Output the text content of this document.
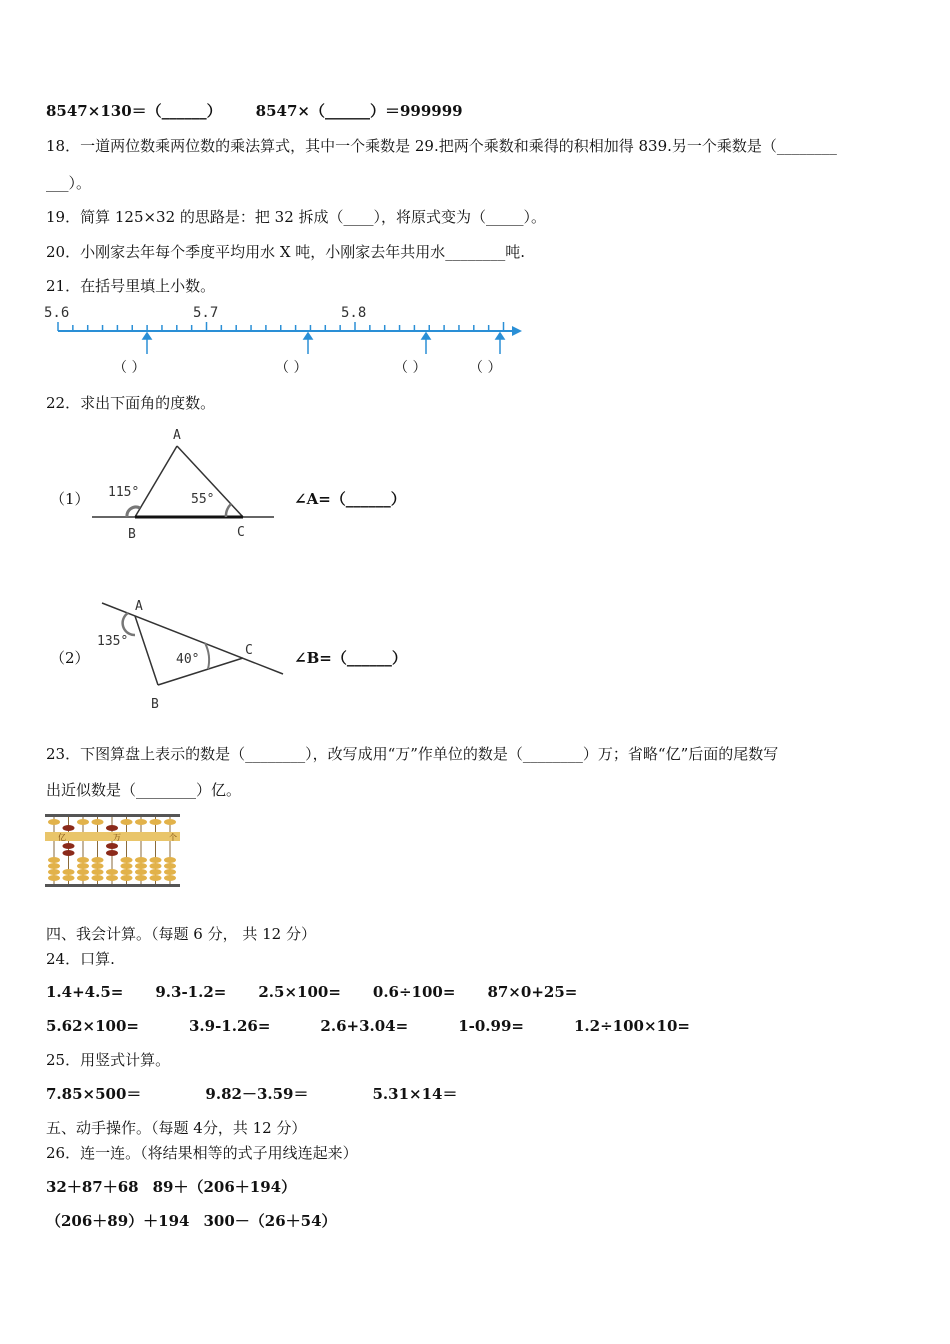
8547×130＝（______） 8547×（______）＝999999
18．一道两位数乘两位数的乘法算式，其中一个乘数是 29.把两个乘数和乘得的积相加得 839.另一个乘数是（________
___）。
19．简算 125×32 的思路是：把 32 拆成（____），将原式变为（_____）。
20．小刚家去年每个季度平均用水 X 吨，小刚家去年共用水________吨.
21．在括号里填上小数。
5.6	5.7	5.8
（ ）	（ ）	（ ）	（ ）
22．求出下面角的度数。
（1）
A
B	C
115°	55°	∠A=（______）
（2）
A
B
C
135°
40°	∠B=（______）
23．下图算盘上表示的数是（________），改写成用“万”作单位的数是（________）万；省略“亿”后面的尾数写
出近似数是（________）亿。
亿	万	个
四、我会计算。（每题 6 分， 共 12 分）
24．口算.
1.4+4.5= 9.3-1.2= 2.5×100= 0.6÷100= 87×0+25=
5.62×100=	3.9-1.26=	2.6+3.04=	1-0.99=	1.2÷100×10=
25．用竖式计算。
7.85×500＝	9.82－3.59＝	5.31×14＝
五、动手操作。（每题 4分，共 12 分）
26．连一连。（将结果相等的式子用线连起来）
32＋87＋68 89＋（206＋194）
（206＋89）＋194 300－（26＋54）
